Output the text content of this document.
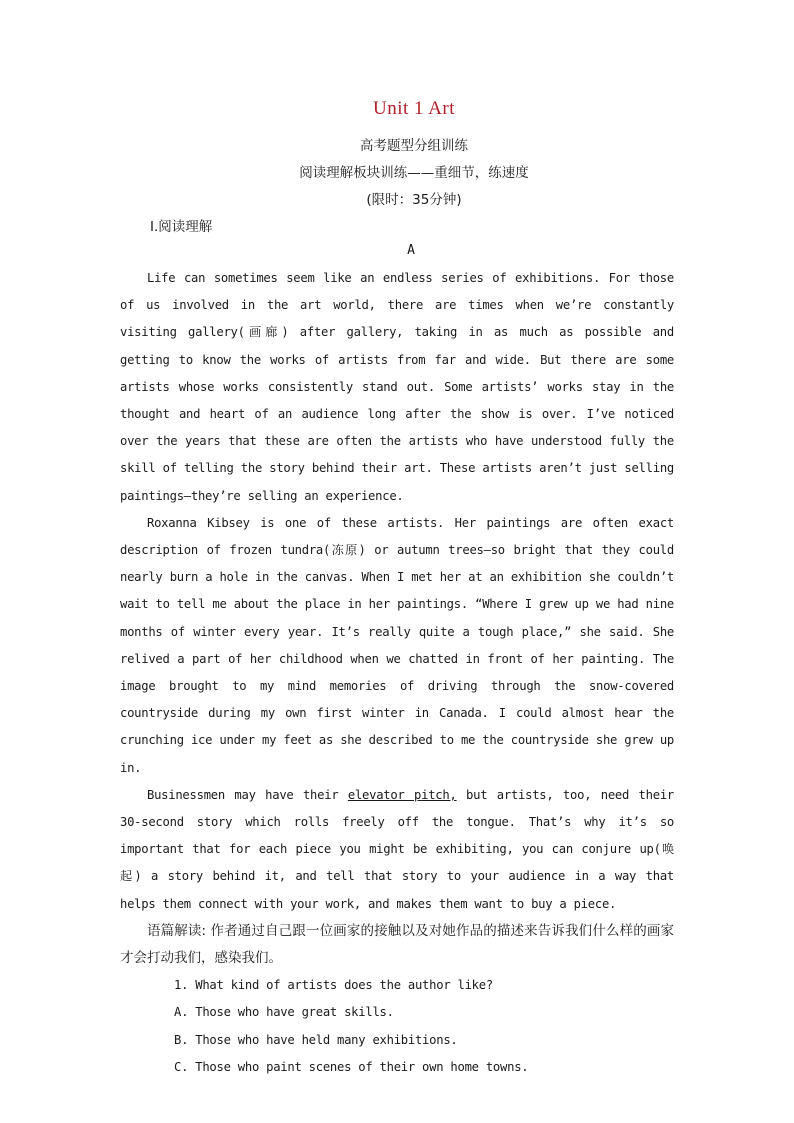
Unit 1 Art
高考题型分组训练
阅读理解板块训练——重细节，练速度
(限时：35分钟)
Ⅰ.阅读理解
A

Life can sometimes seem like an endless series of exhibitions. For those of us involved in the art world, there are times when we’re constantly visiting gallery(画廊) after gallery, taking in as much as possible and getting to know the works of artists from far and wide. But there are some artists whose works consistently stand out. Some artists’ works stay in the thought and heart of an audience long after the show is over. I’ve noticed over the years that these are often the artists who have understood fully the skill of telling the story behind their art. These artists aren’t just selling paintings—they’re selling an experience.

Roxanna Kibsey is one of these artists. Her paintings are often exact description of frozen tundra(冻原) or autumn trees—so bright that they could nearly burn a hole in the canvas. When I met her at an exhibition she couldn’t wait to tell me about the place in her paintings. “Where I grew up we had nine months of winter every year. It’s really quite a tough place,” she said. She relived a part of her childhood when we chatted in front of her painting. The image brought to my mind memories of driving through the snow-covered countryside during my own first winter in Canada. I could almost hear the crunching ice under my feet as she described to me the countryside she grew up in.

Businessmen may have their elevator pitch, but artists, too, need their 30-second story which rolls freely off the tongue. That’s why it’s so important that for each piece you might be exhibiting, you can conjure up(唤起) a story behind it, and tell that story to your audience in a way that helps them connect with your work, and makes them want to buy a piece.

语篇解读: 作者通过自己跟一位画家的接触以及对她作品的描述来告诉我们什么样的画家才会打动我们，感染我们。

1. What kind of artists does the author like?

A. Those who have great skills.

B. Those who have held many exhibitions.

C. Those who paint scenes of their own home towns.
